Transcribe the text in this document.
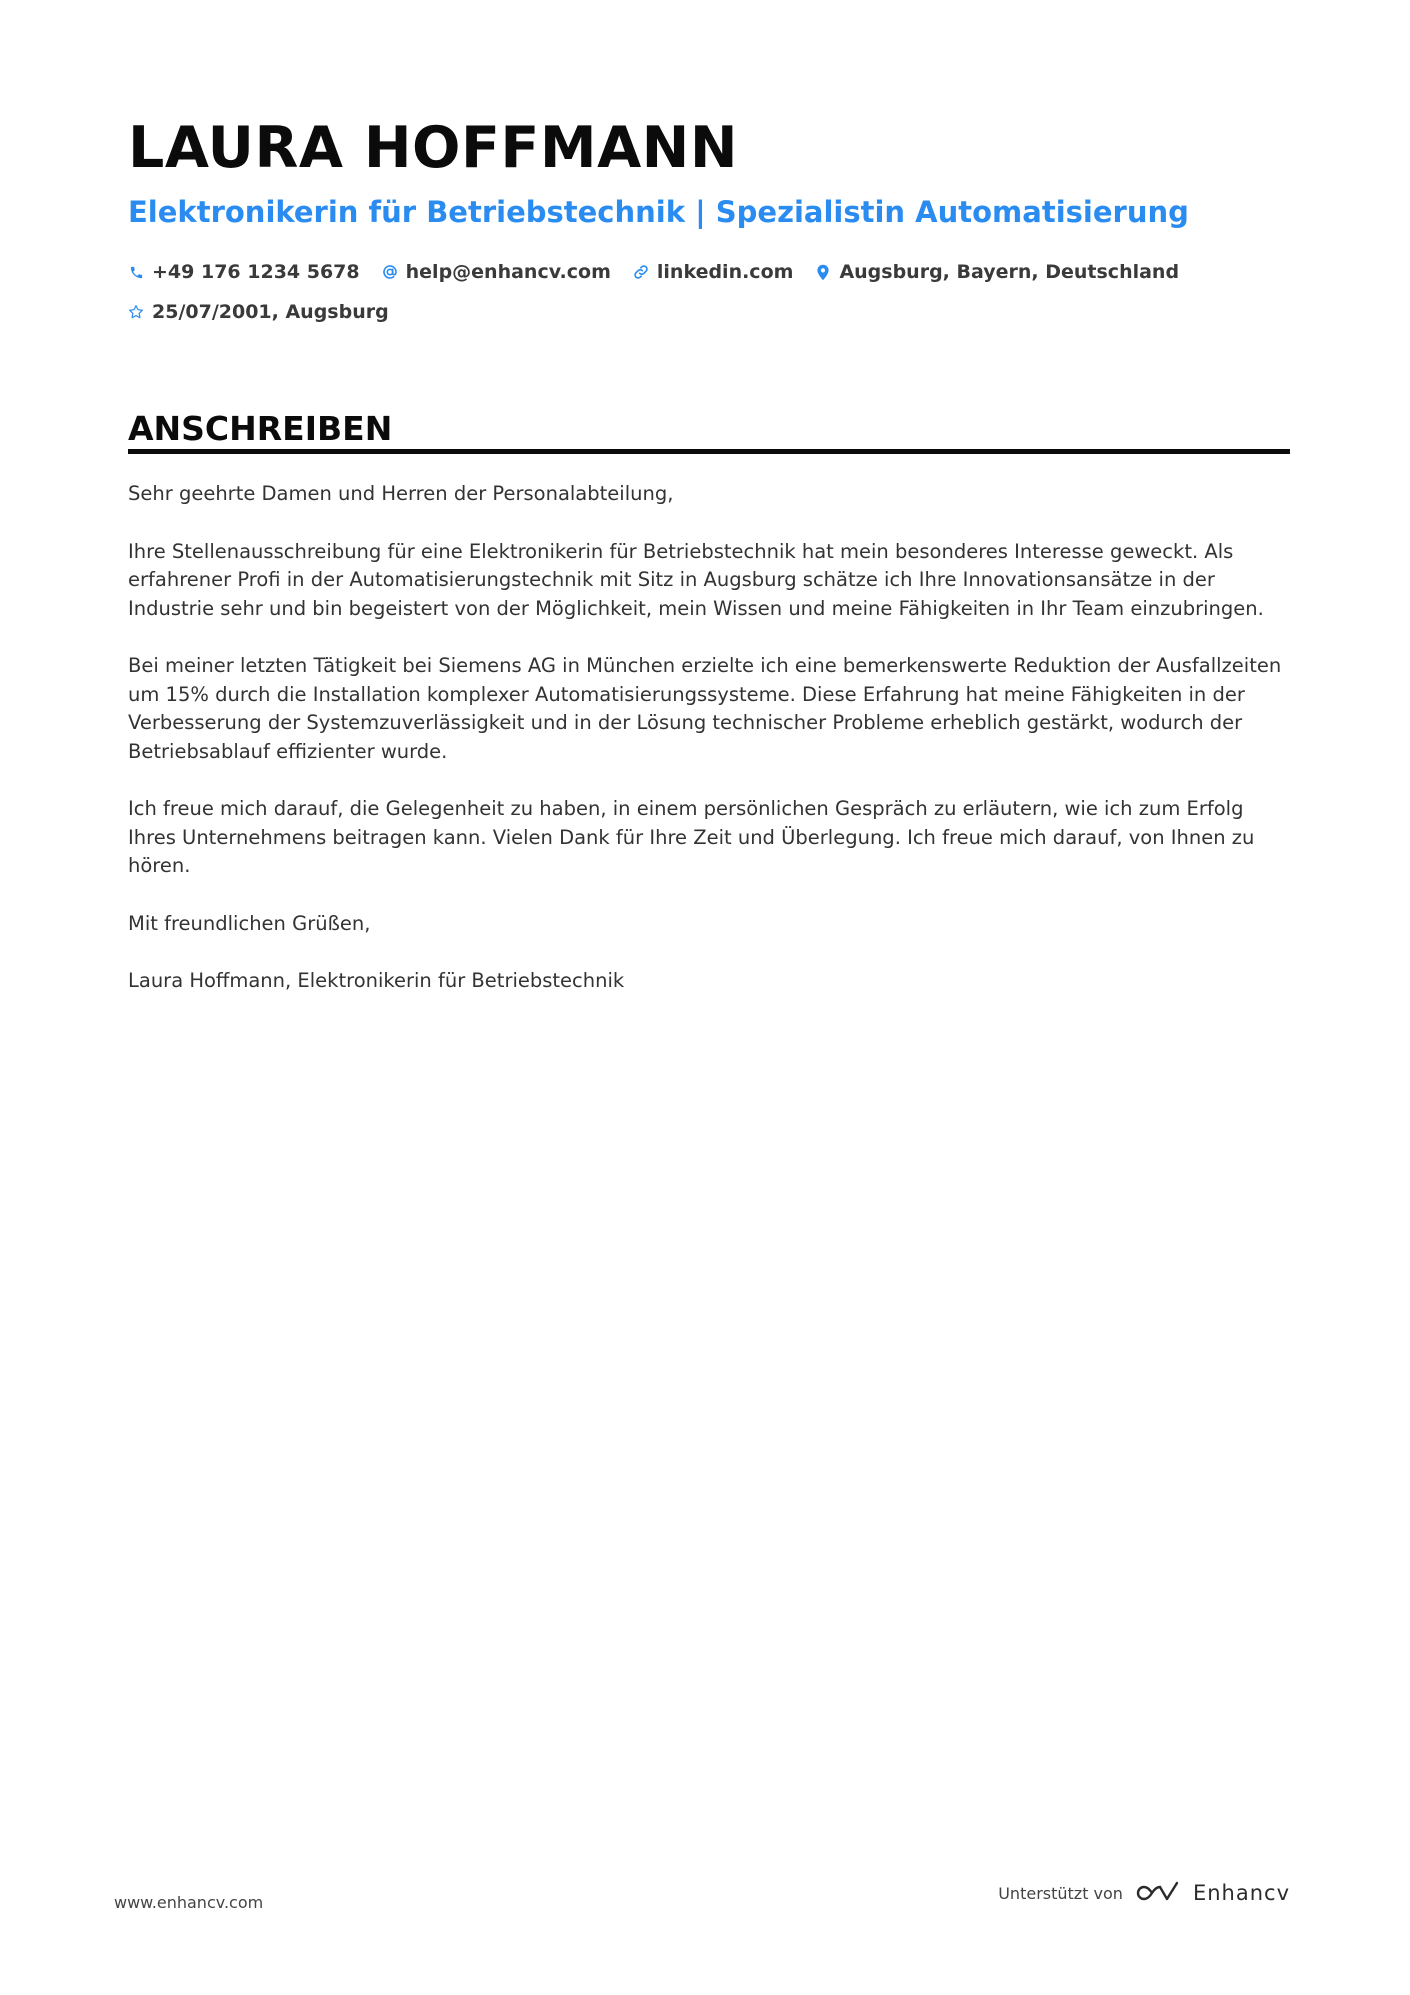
LAURA HOFFMANN
Elektronikerin für Betriebstechnik | Spezialistin Automatisierung
+49 176 1234 5678 help@enhancv.com linkedin.com Augsburg, Bayern, Deutschland
25/07/2001, Augsburg
ANSCHREIBEN

Sehr geehrte Damen und Herren der Personalabteilung,

Ihre Stellenausschreibung für eine Elektronikerin für Betriebstechnik hat mein besonderes Interesse geweckt. Als erfahrener Profi in der Automatisierungstechnik mit Sitz in Augsburg schätze ich Ihre Innovationsansätze in der Industrie sehr und bin begeistert von der Möglichkeit, mein Wissen und meine Fähigkeiten in Ihr Team einzubringen.

Bei meiner letzten Tätigkeit bei Siemens AG in München erzielte ich eine bemerkenswerte Reduktion der Ausfallzeiten um 15% durch die Installation komplexer Automatisierungssysteme. Diese Erfahrung hat meine Fähigkeiten in der Verbesserung der Systemzuverlässigkeit und in der Lösung technischer Probleme erheblich gestärkt, wodurch der Betriebsablauf effizienter wurde.

Ich freue mich darauf, die Gelegenheit zu haben, in einem persönlichen Gespräch zu erläutern, wie ich zum Erfolg Ihres Unternehmens beitragen kann. Vielen Dank für Ihre Zeit und Überlegung. Ich freue mich darauf, von Ihnen zu hören.

Mit freundlichen Grüßen,

Laura Hoffmann, Elektronikerin für Betriebstechnik

www.enhancv.com	Unterstützt von	Enhancv
